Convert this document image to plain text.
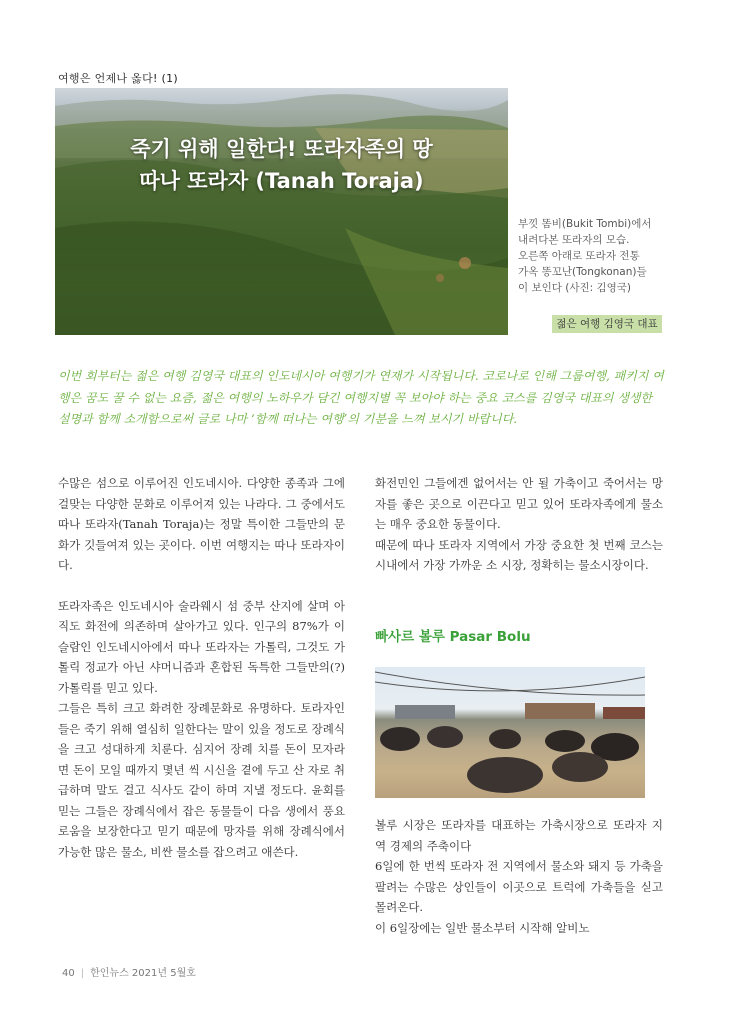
여행은 언제나 옳다! (1)
죽기 위해 일한다! 또라자족의 땅
따나 또라자 (Tanah Toraja)
부낏 똠비(Bukit Tombi)에서
내려다본 또라자의 모습.
오른쪽 아래로 또라자 전통
가옥 똥꼬난(Tongkonan)들
이 보인다 (사진: 김영국)
젊은 여행 김영국 대표
이번 회부터는 젊은 여행 김영국 대표의 인도네시아 여행기가 연재가 시작됩니다. 코로나로 인해 그룹여행, 패키지 여행은 꿈도 꿀 수 없는 요즘, 젊은 여행의 노하우가 담긴 여행지별 꼭 보아야 하는 중요 코스를 김영국 대표의 생생한 설명과 함께 소개함으로써 글로 나마 ‘함께 떠나는 여행’의 기분을 느껴 보시기 바랍니다.

수많은 섬으로 이루어진 인도네시아. 다양한 종족과 그에 걸맞는 다양한 문화로 이루어져 있는 나라다. 그 중에서도 따나 또라자(Tanah Toraja)는 정말 특이한 그들만의 문화가 깃들여져 있는 곳이다. 이번 여행지는 따나 또라자이다.

또라자족은 인도네시아 술라웨시 섬 중부 산지에 살며 아직도 화전에 의존하며 살아가고 있다. 인구의 87%가 이슬람인 인도네시아에서 따나 또라자는 가톨릭, 그것도 가톨릭 정교가 아닌 샤머니즘과 혼합된 독특한 그들만의(?) 가톨릭를 믿고 있다.

그들은 특히 크고 화려한 장례문화로 유명하다. 토라자인들은 죽기 위해 열심히 일한다는 말이 있을 정도로 장례식을 크고 성대하게 치룬다. 심지어 장례 치를 돈이 모자라면 돈이 모일 때까지 몇년 씩 시신을 곁에 두고 산 자로 취급하며 말도 걸고 식사도 같이 하며 지낼 정도다. 윤회를 믿는 그들은 장례식에서 잡은 동물들이 다음 생에서 풍요로움을 보장한다고 믿기 때문에 망자를 위해 장례식에서 가능한 많은 물소, 비싼 물소를 잡으려고 애쓴다.

화전민인 그들에겐 없어서는 안 될 가축이고 죽어서는 망자를 좋은 곳으로 이끈다고 믿고 있어 또라자족에게 물소는 매우 중요한 동물이다.

때문에 따나 또라자 지역에서 가장 중요한 첫 번째 코스는 시내에서 가장 가까운 소 시장, 정확히는 물소시장이다.

빠사르 볼루 Pasar Bolu

볼루 시장은 또라자를 대표하는 가축시장으로 또라자 지역 경제의 주축이다

6일에 한 번씩 또라자 전 지역에서 물소와 돼지 등 가축을 팔려는 수많은 상인들이 이곳으로 트럭에 가축들을 싣고 몰려온다.

이 6일장에는 일반 물소부터 시작해 알비노

40 | 한인뉴스 2021년 5월호
